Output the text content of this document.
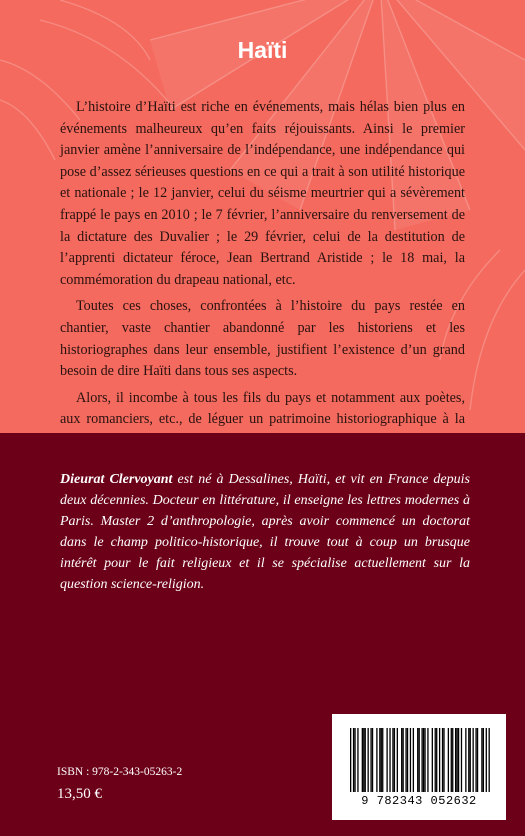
Haïti

L’histoire d’Haïti est riche en événements, mais hélas bien plus en événements malheureux qu’en faits réjouissants. Ainsi le premier janvier amène l’anniversaire de l’indépendance, une indépendance qui pose d’assez sérieuses questions en ce qui a trait à son utilité historique et nationale ; le 12 janvier, celui du séisme meurtrier qui a sévèrement frappé le pays en 2010 ; le 7 février, l’anniversaire du renversement de la dictature des Duvalier ; le 29 février, celui de la destitution de l’apprenti dictateur féroce, Jean Bertrand Aristide ; le 18 mai, la commémoration du drapeau national, etc.

Toutes ces choses, confrontées à l’histoire du pays restée en chantier, vaste chantier abandonné par les historiens et les historiographes dans leur ensemble, justifient l’existence d’un grand besoin de dire Haïti dans tous ses aspects.

Alors, il incombe à tous les fils du pays et notamment aux poètes, aux romanciers, etc., de léguer un patrimoine historiographique à la

Dieurat Clervoyant est né à Dessalines, Haïti, et vit en France depuis deux décennies. Docteur en littérature, il enseigne les lettres modernes à Paris. Master 2 d’anthropologie, après avoir commencé un doctorat dans le champ politico-historique, il trouve tout à coup un brusque intérêt pour le fait religieux et il se spécialise actuellement sur la question science-religion.
ISBN : 978-2-343-05263-2
13,50 €	9 782343 052632
